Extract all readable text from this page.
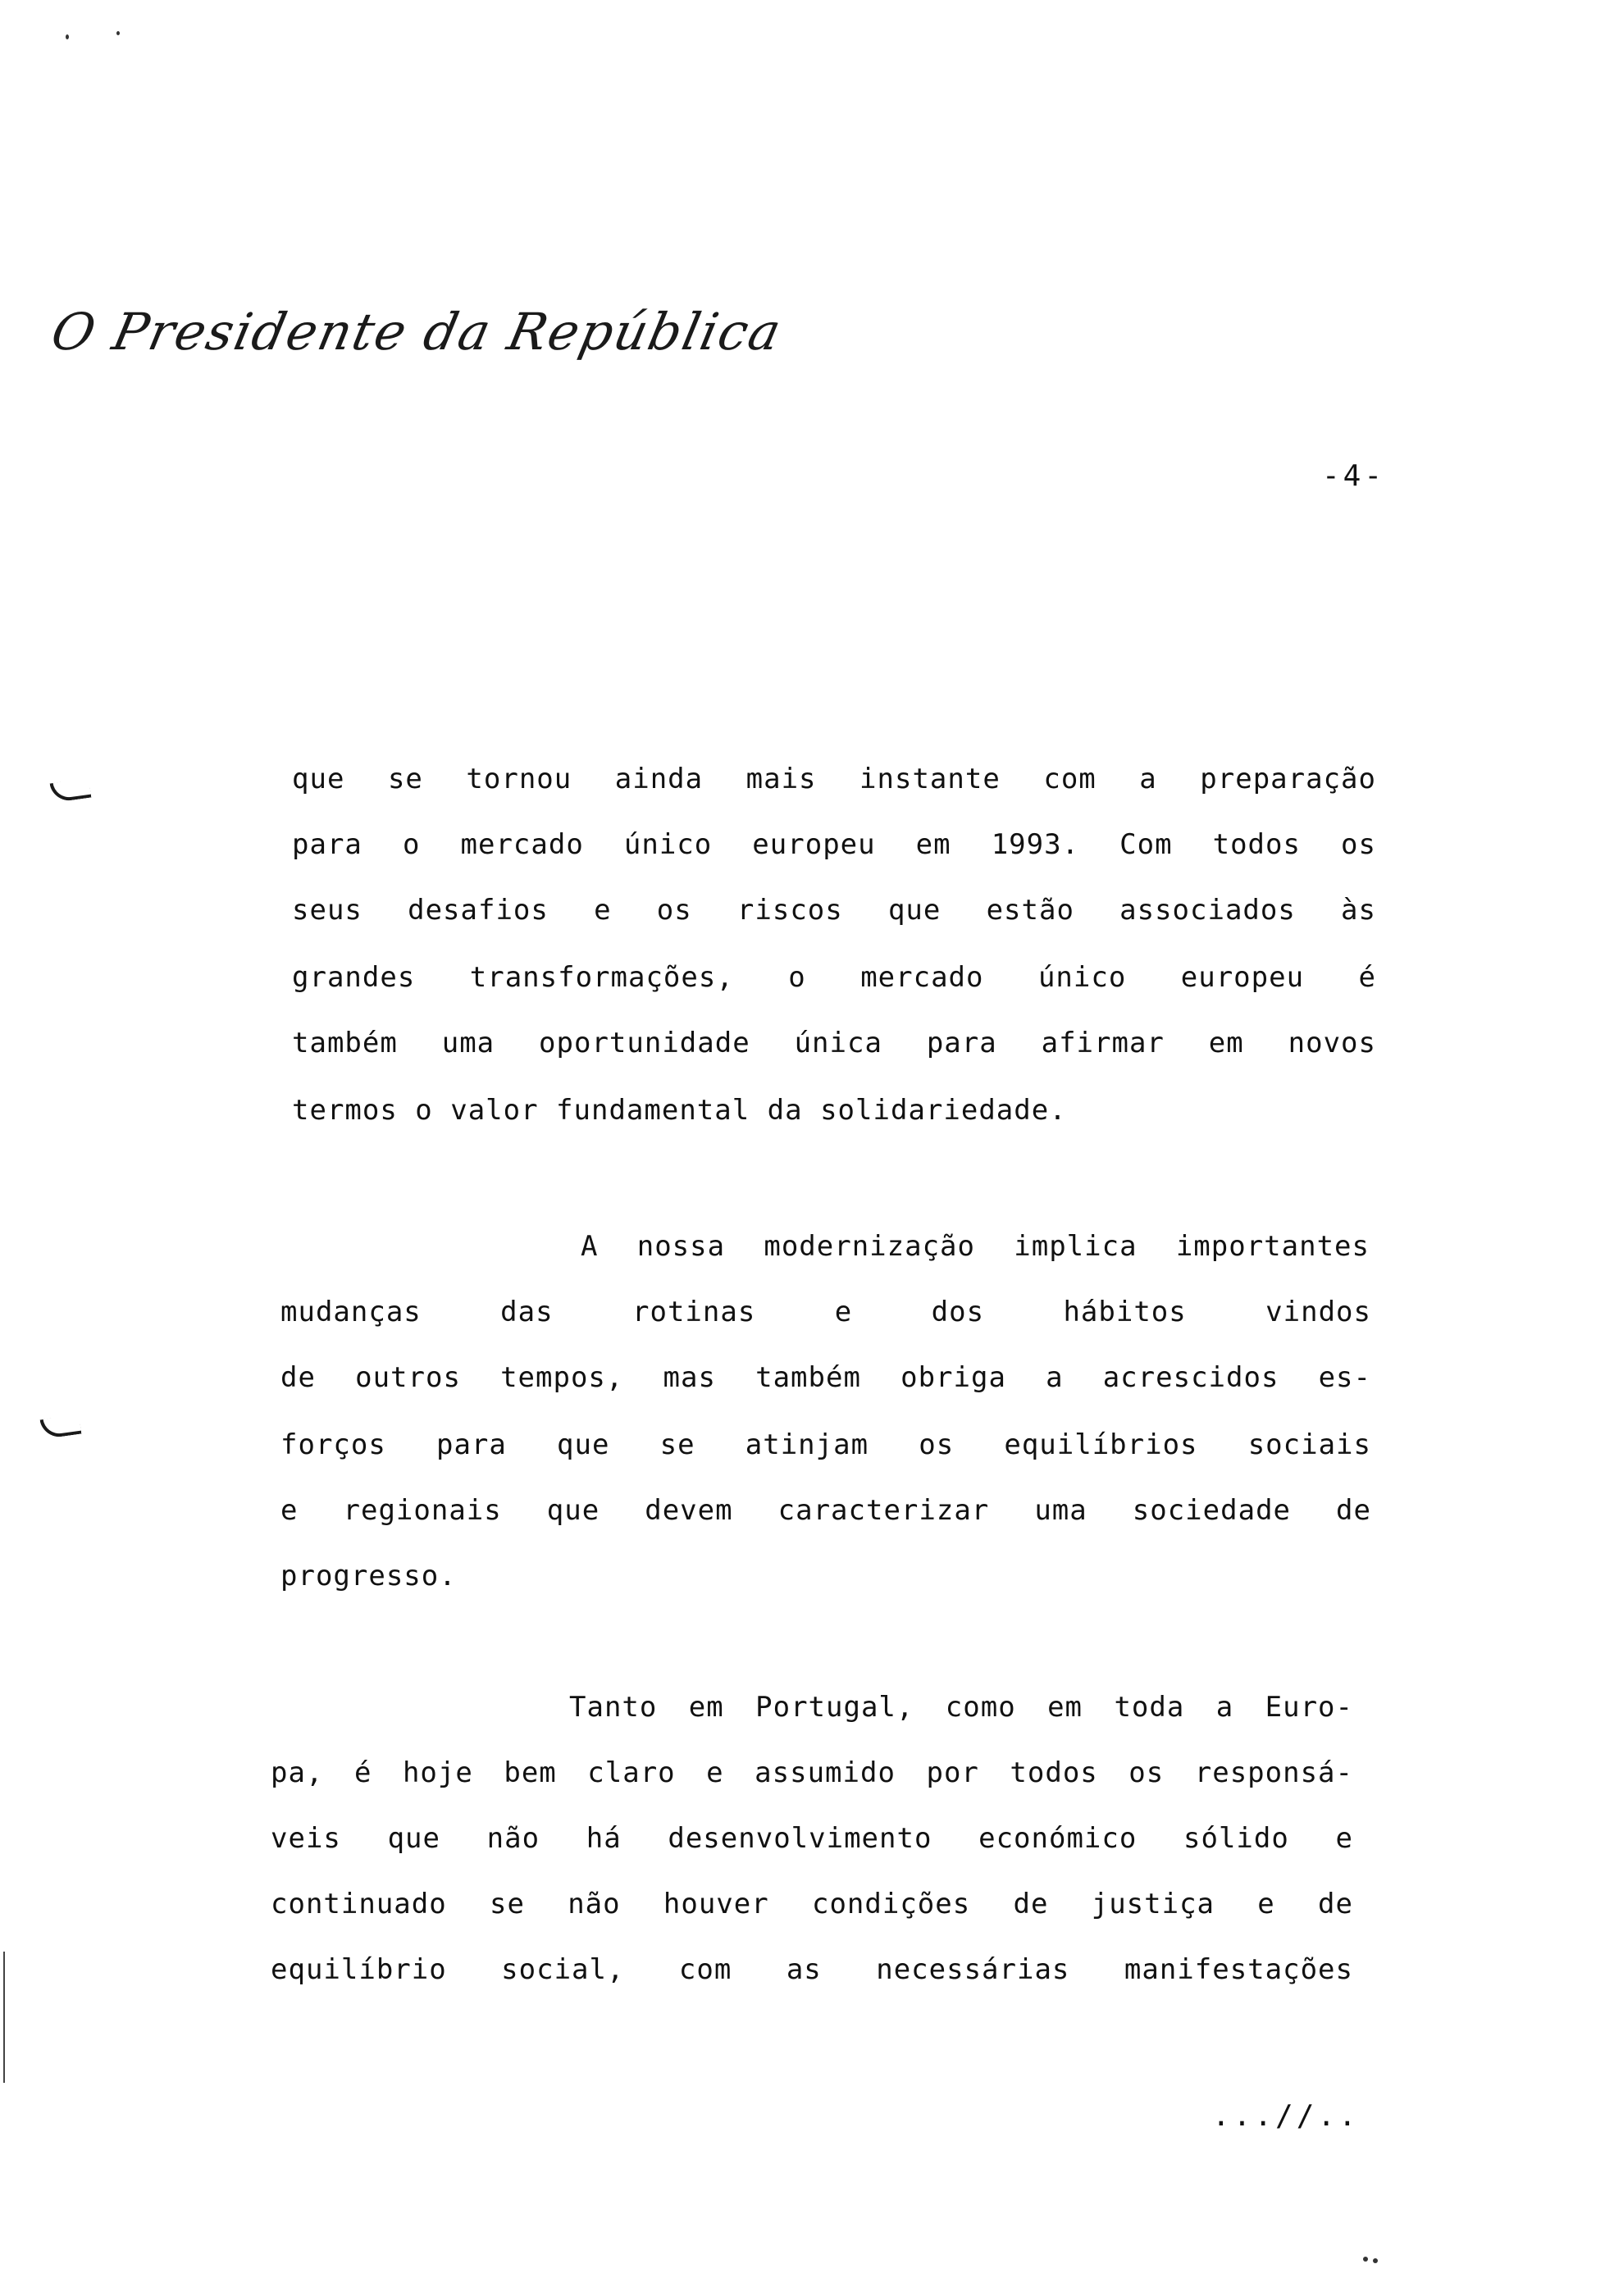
O Presidente da República
-4-
que se tornou ainda mais instante com a preparação
para o mercado único europeu em 1993. Com todos os
seus desafios e os riscos que estão associados às
grandes transformações, o mercado único europeu é
também uma oportunidade única para afirmar em novos
termos o valor fundamental da solidariedade.
A nossa modernização implica importantes
mudanças das rotinas e dos hábitos vindos
de outros tempos, mas também obriga a acrescidos es-
forços para que se atinjam os equilíbrios sociais
e regionais que devem caracterizar uma sociedade de
progresso.
Tanto em Portugal, como em toda a Euro-
pa, é hoje bem claro e assumido por todos os responsá-
veis que não há desenvolvimento económico sólido e
continuado se não houver condições de justiça e de
equilíbrio social, com as necessárias manifestações
...//..
